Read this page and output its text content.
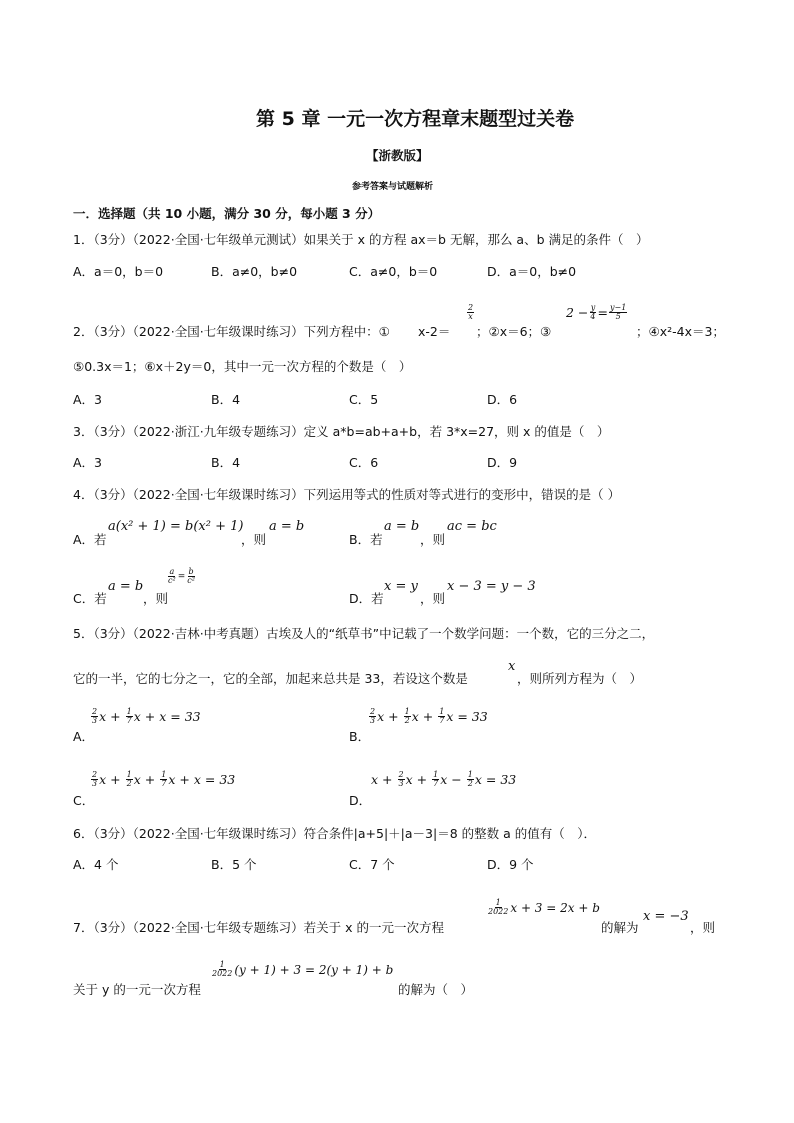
第 5 章 一元一次方程章末题型过关卷
【浙教版】
参考答案与试题解析
一．选择题（共 10 小题，满分 30 分，每小题 3 分）
1．（3分）（2022·全国·七年级单元测试）如果关于 x 的方程 ax＝b 无解，那么 a、b 满足的条件（　）
A．a＝0，b＝0	B．a≠0，b≠0	C．a≠0，b＝0	D．a＝0，b≠0
2．（3分）（2022·全国·七年级课时练习）下列方程中：① x-2＝
$\frac{2}{x}$
；②x＝6；③
$2 - \frac{y}{4} = \frac{y-1}{5}$
；④x²-4x＝3；
⑤0.3x＝1；⑥x＋2y＝0，其中一元一次方程的个数是（　）
A．3	B．4	C．5	D．6
3．（3分）（2022·浙江·九年级专题练习）定义 a*b=ab+a+b，若 3*x=27，则 x 的值是（　）
A．3	B．4	C．6	D．9
4．（3分）（2022·全国·七年级课时练习）下列运用等式的性质对等式进行的变形中，错误的是（ ）
A．若
a(x² + 1) = b(x² + 1)
，则
a = b
B．若
a = b
，则
ac = bc
C．若
a = b
，则
$\frac{a}{\text{c²}} = \frac{b}{\text{c²}}$
D．若
x = y
，则
x − 3 = y − 3
5．（3分）（2022·吉林·中考真题）古埃及人的“纸草书”中记载了一个数学问题：一个数，它的三分之二，
它的一半，它的七分之一，它的全部，加起来总共是 33，若设这个数是
x
，则所列方程为（　）
A．
$\frac{2}{3}$ x
+
$\frac{1}{7}$ x
+
x
= 33
B．
$\frac{2}{3}$ x
+
$\frac{1}{2}$ x
+
$\frac{1}{7}$ x
= 33
C．
$\frac{2}{3}$ x
+
$\frac{1}{2}$ x
+
$\frac{1}{7}$ x
+
x
= 33
D．
x
+
$\frac{2}{3}$ x
+
$\frac{1}{7}$ x
−
$\frac{1}{2}$ x
= 33
6．（3分）（2022·全国·七年级课时练习）符合条件|a+5|＋|a－3|＝8 的整数 a 的值有（　）．
A．4 个	B．5 个	C．7 个	D．9 个
7．（3分）（2022·全国·七年级专题练习）若关于 x 的一元一次方程
$\frac{1}{2022}$ x + 3 = 2x + b
的解为
x = −3
，则
关于 y 的一元一次方程
$\frac{1}{2022} (y + 1) + 3 = 2(y + 1) + b$
的解为（　）
